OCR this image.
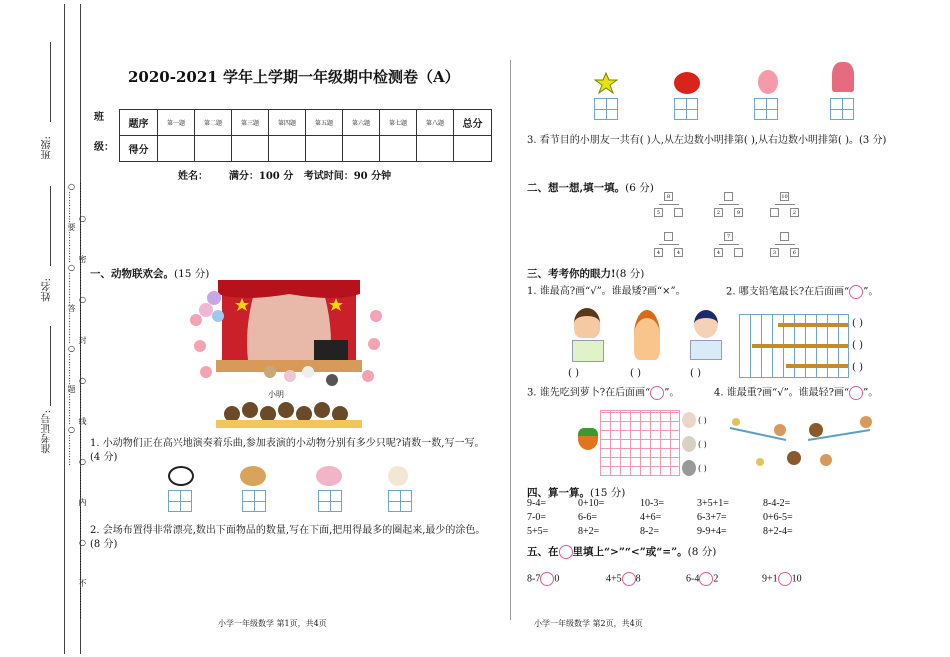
…………○…………密…………○…………封…………○…………线…………○…………内…………○…………不…………○…………要…………○…………答…………○…………题…………○…………
班级:
姓名:
准考证号:
2020-2021 学年上学期一年级期中检测卷（A）
班
级：
题序	第一题	第二题	第三题	第四题	第五题	第六题	第七题	第八题	总分
得分									
姓名：      满分：100 分   考试时间：90 分钟
一、动物联欢会。(15 分)
小明
1. 小动物们正在高兴地演奏着乐曲,参加表演的小动物分别有多少只呢?请数一数,写一写。(4 分)
2. 会场布置得非常漂亮,数出下面物品的数量,写在下面,把用得最多的圈起来,最少的涂色。(8 分)
3. 看节目的小朋友一共有( )人,从左边数小明排第( ),从右边数小明排第( )。(3 分)
二、想一想,填一填。(6 分)
8
5	2	9
10
2
4	4
7
4	3	6
三、考考你的眼力!(8 分)
1. 谁最高?画“√”。谁最矮?画“×”。	2. 哪支铅笔最长?在后面画“ ”。
( )	( )	( )
( )
( )
( )
3. 谁先吃到萝卜?在后面画“ ”。	4. 谁最重?画“√”。谁最轻?画“ ”。
( )
( )
( )
四、算一算。(15 分)
9-4=	0+10=	10-3=	3+5+1=	8-4-2=
7-0=	6-6=	4+6=	6-3+7=	0+6-5=
5+5=	8+2=	8-2=	9-9+4=	8+2-4=
五、在 里填上“>”“<”或“=”。(8 分)
8-7 0	4+5 8	6-4 2	9+1 10
小学一年级数学 第1页，共4页	小学一年级数学 第2页，共4页
